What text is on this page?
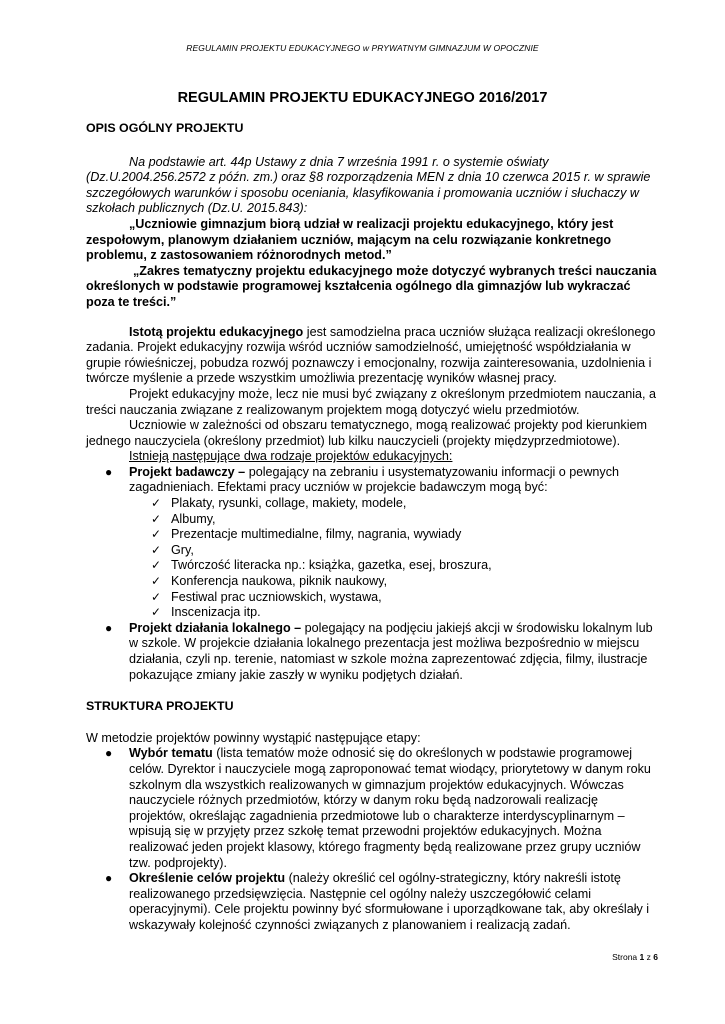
REGULAMIN PROJEKTU EDUKACYJNEGO w PRYWATNYM GIMNAZJUM W OPOCZNIE
REGULAMIN PROJEKTU EDUKACYJNEGO 2016/2017

OPIS OGÓLNY PROJEKTU

Na podstawie art. 44p Ustawy z dnia 7 września 1991 r. o systemie oświaty (Dz.U.2004.256.2572 z późn. zm.) oraz §8 rozporządzenia MEN z dnia 10 czerwca 2015 r. w sprawie szczegółowych warunków i sposobu oceniania, klasyfikowania i promowania uczniów i słuchaczy w szkołach publicznych (Dz.U. 2015.843):

„Uczniowie gimnazjum biorą udział w realizacji projektu edukacyjnego, który jest zespołowym, planowym działaniem uczniów, mającym na celu rozwiązanie konkretnego problemu, z zastosowaniem różnorodnych metod.”

„Zakres tematyczny projektu edukacyjnego może dotyczyć wybranych treści nauczania określonych w podstawie programowej kształcenia ogólnego dla gimnazjów lub wykraczać poza te treści.”

Istotą projektu edukacyjnego jest samodzielna praca uczniów służąca realizacji określonego zadania. Projekt edukacyjny rozwija wśród uczniów samodzielność, umiejętność współdziałania w grupie rówieśniczej, pobudza rozwój poznawczy i emocjonalny, rozwija zainteresowania, uzdolnienia i twórcze myślenie a przede wszystkim umożliwia prezentację wyników własnej pracy.

Projekt edukacyjny może, lecz nie musi być związany z określonym przedmiotem nauczania, a treści nauczania związane z realizowanym projektem mogą dotyczyć wielu przedmiotów.

Uczniowie w zależności od obszaru tematycznego, mogą realizować projekty pod kierunkiem jednego nauczyciela (określony przedmiot) lub kilku nauczycieli (projekty międzyprzedmiotowe).

Istnieją następujące dwa rodzaje projektów edukacyjnych:

● Projekt badawczy – polegający na zebraniu i usystematyzowaniu informacji o pewnych zagadnieniach. Efektami pracy uczniów w projekcie badawczym mogą być:
✓ Plakaty, rysunki, collage, makiety, modele,
✓ Albumy,
✓ Prezentacje multimedialne, filmy, nagrania, wywiady
✓ Gry,
✓ Twórczość literacka np.: książka, gazetka, esej, broszura,
✓ Konferencja naukowa, piknik naukowy,
✓ Festiwal prac uczniowskich, wystawa,
✓ Inscenizacja itp.
● Projekt działania lokalnego – polegający na podjęciu jakiejś akcji w środowisku lokalnym lub w szkole. W projekcie działania lokalnego prezentacja jest możliwa bezpośrednio w miejscu działania, czyli np. terenie, natomiast w szkole można zaprezentować zdjęcia, filmy, ilustracje pokazujące zmiany jakie zaszły w wyniku podjętych działań.

STRUKTURA PROJEKTU

W metodzie projektów powinny wystąpić następujące etapy:

● Wybór tematu (lista tematów może odnosić się do określonych w podstawie programowej celów. Dyrektor i nauczyciele mogą zaproponować temat wiodący, priorytetowy w danym roku szkolnym dla wszystkich realizowanych w gimnazjum projektów edukacyjnych. Wówczas nauczyciele różnych przedmiotów, którzy w danym roku będą nadzorowali realizację projektów, określając zagadnienia przedmiotowe lub o charakterze interdyscyplinarnym – wpisują się w przyjęty przez szkołę temat przewodni projektów edukacyjnych. Można realizować jeden projekt klasowy, którego fragmenty będą realizowane przez grupy uczniów tzw. podprojekty).
● Określenie celów projektu (należy określić cel ogólny-strategiczny, który nakreśli istotę realizowanego przedsięwzięcia. Następnie cel ogólny należy uszczegółowić celami operacyjnymi). Cele projektu powinny być sformułowane i uporządkowane tak, aby określały i wskazywały kolejność czynności związanych z planowaniem i realizacją zadań.
Strona 1 z 6
